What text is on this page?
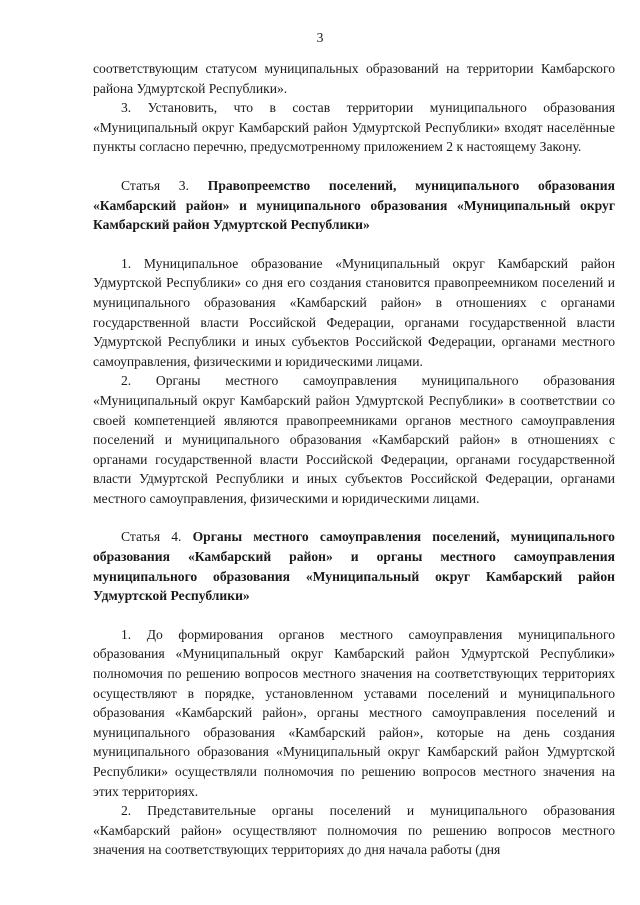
3

соответствующим статусом муниципальных образований на территории Камбарского района Удмуртской Республики».

3. Установить, что в состав территории муниципального образования «Муниципальный округ Камбарский район Удмуртской Республики» входят населённые пункты согласно перечню, предусмотренному приложением 2 к настоящему Закону.

Статья 3. Правопреемство поселений, муниципального образования «Камбарский район» и муниципального образования «Муниципальный округ Камбарский район Удмуртской Республики»

1. Муниципальное образование «Муниципальный округ Камбарский район Удмуртской Республики» со дня его создания становится правопреемником поселений и муниципального образования «Камбарский район» в отношениях с органами государственной власти Российской Федерации, органами государственной власти Удмуртской Республики и иных субъектов Российской Федерации, органами местного самоуправления, физическими и юридическими лицами.

2. Органы местного самоуправления муниципального образования «Муниципальный округ Камбарский район Удмуртской Республики» в соответствии со своей компетенцией являются правопреемниками органов местного самоуправления поселений и муниципального образования «Камбарский район» в отношениях с органами государственной власти Российской Федерации, органами государственной власти Удмуртской Республики и иных субъектов Российской Федерации, органами местного самоуправления, физическими и юридическими лицами.

Статья 4. Органы местного самоуправления поселений, муниципального образования «Камбарский район» и органы местного самоуправления муниципального образования «Муниципальный округ Камбарский район Удмуртской Республики»

1. До формирования органов местного самоуправления муниципального образования «Муниципальный округ Камбарский район Удмуртской Республики» полномочия по решению вопросов местного значения на соответствующих территориях осуществляют в порядке, установленном уставами поселений и муниципального образования «Камбарский район», органы местного самоуправления поселений и муниципального образования «Камбарский район», которые на день создания муниципального образования «Муниципальный округ Камбарский район Удмуртской Республики» осуществляли полномочия по решению вопросов местного значения на этих территориях.

2. Представительные органы поселений и муниципального образования «Камбарский район» осуществляют полномочия по решению вопросов местного значения на соответствующих территориях до дня начала работы (дня
